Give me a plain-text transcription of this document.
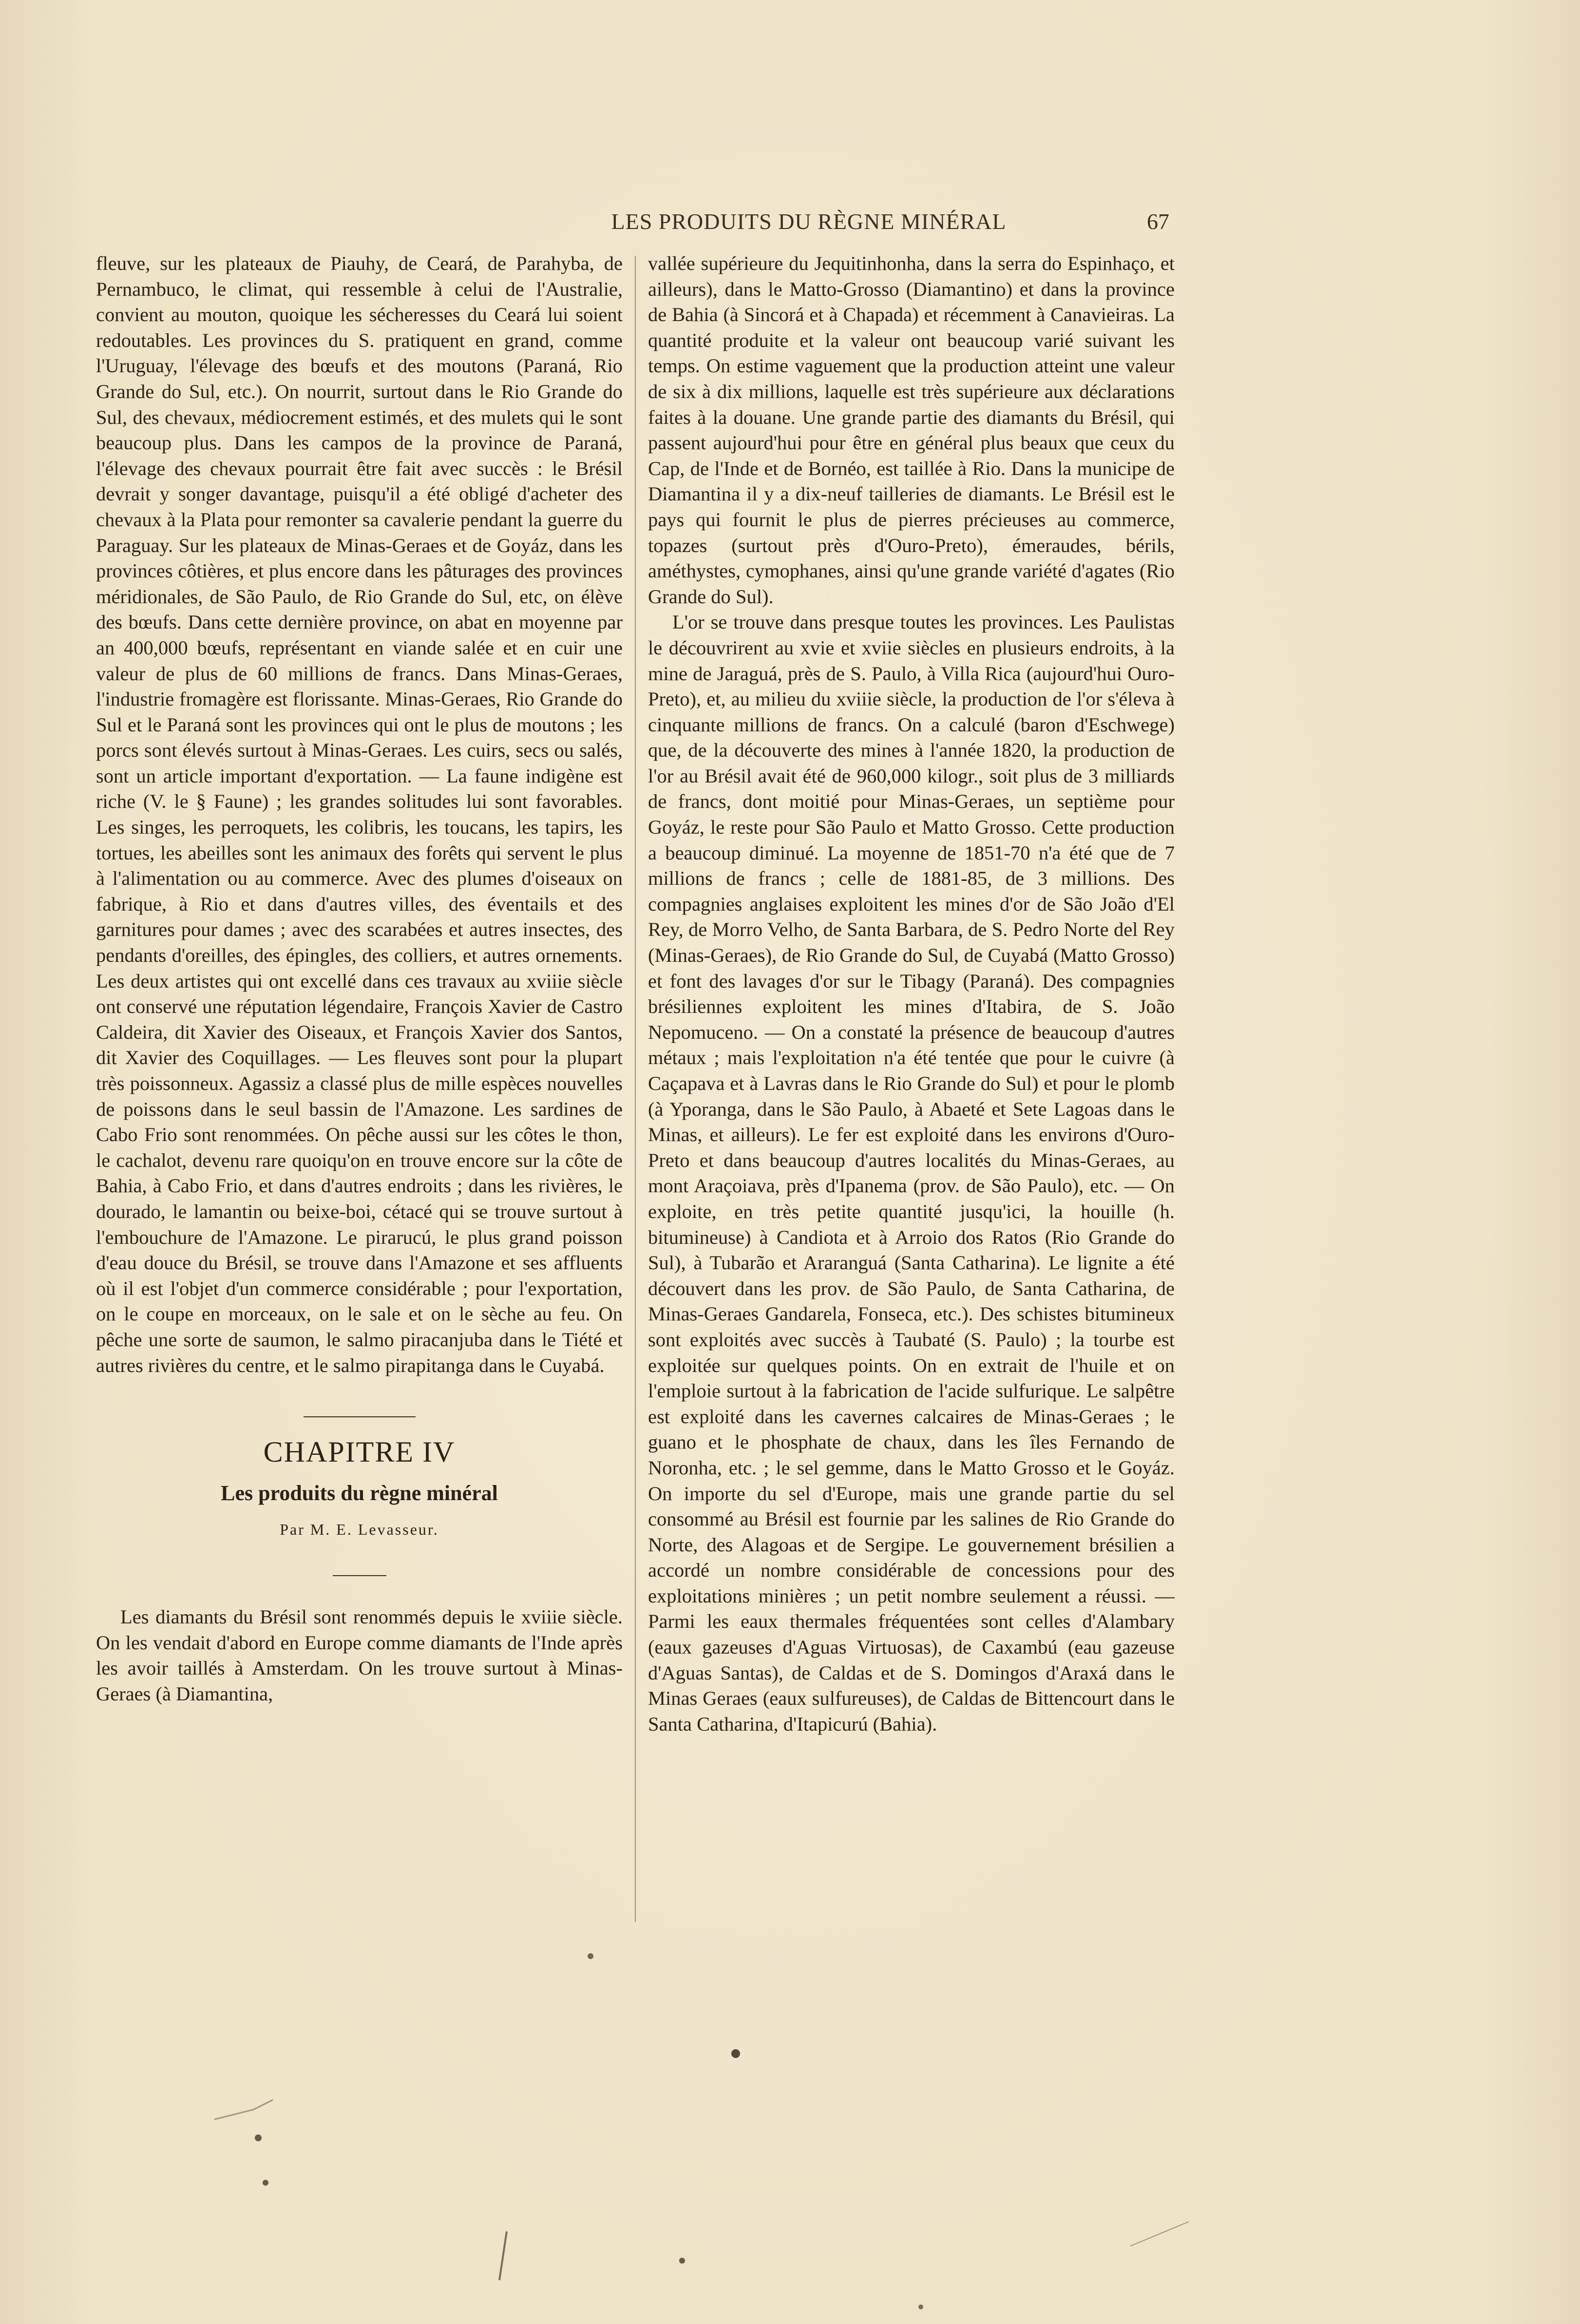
LES PRODUITS DU RÈGNE MINÉRAL	67

fleuve, sur les plateaux de Piauhy, de Ceará, de Parahyba, de Pernambuco, le climat, qui ressemble à celui de l'Australie, convient au mouton, quoique les sécheresses du Ceará lui soient redoutables. Les provinces du S. pratiquent en grand, comme l'Uruguay, l'élevage des bœufs et des moutons (Paraná, Rio Grande do Sul, etc.). On nourrit, surtout dans le Rio Grande do Sul, des chevaux, médiocrement estimés, et des mulets qui le sont beaucoup plus. Dans les campos de la province de Paraná, l'élevage des chevaux pourrait être fait avec succès : le Brésil devrait y songer davantage, puisqu'il a été obligé d'acheter des chevaux à la Plata pour remonter sa cavalerie pendant la guerre du Paraguay. Sur les plateaux de Minas-Geraes et de Goyáz, dans les provinces côtières, et plus encore dans les pâturages des provinces méridionales, de São Paulo, de Rio Grande do Sul, etc, on élève des bœufs. Dans cette dernière province, on abat en moyenne par an 400,000 bœufs, représentant en viande salée et en cuir une valeur de plus de 60 millions de francs. Dans Minas-Geraes, l'industrie fromagère est florissante. Minas-Geraes, Rio Grande do Sul et le Paraná sont les provinces qui ont le plus de moutons ; les porcs sont élevés surtout à Minas-Geraes. Les cuirs, secs ou salés, sont un article important d'exportation. — La faune indigène est riche (V. le § Faune) ; les grandes solitudes lui sont favorables. Les singes, les perroquets, les colibris, les toucans, les tapirs, les tortues, les abeilles sont les animaux des forêts qui servent le plus à l'alimentation ou au commerce. Avec des plumes d'oiseaux on fabrique, à Rio et dans d'autres villes, des éventails et des garnitures pour dames ; avec des scarabées et autres insectes, des pendants d'oreilles, des épingles, des colliers, et autres ornements. Les deux artistes qui ont excellé dans ces travaux au xviiie siècle ont conservé une réputation légendaire, François Xavier de Castro Caldeira, dit Xavier des Oiseaux, et François Xavier dos Santos, dit Xavier des Coquillages. — Les fleuves sont pour la plupart très poissonneux. Agassiz a classé plus de mille espèces nouvelles de poissons dans le seul bassin de l'Amazone. Les sardines de Cabo Frio sont renommées. On pêche aussi sur les côtes le thon, le cachalot, devenu rare quoiqu'on en trouve encore sur la côte de Bahia, à Cabo Frio, et dans d'autres endroits ; dans les rivières, le dourado, le lamantin ou beixe-boi, cétacé qui se trouve surtout à l'embouchure de l'Amazone. Le pirarucú, le plus grand poisson d'eau douce du Brésil, se trouve dans l'Amazone et ses affluents où il est l'objet d'un commerce considérable ; pour l'exportation, on le coupe en morceaux, on le sale et on le sèche au feu. On pêche une sorte de saumon, le salmo piracanjuba dans le Tiété et autres rivières du centre, et le salmo pirapitanga dans le Cuyabá.

CHAPITRE IV
Les produits du règne minéral
Par M. E. Levasseur.

Les diamants du Brésil sont renommés depuis le xviiie siècle. On les vendait d'abord en Europe comme diamants de l'Inde après les avoir taillés à Amsterdam. On les trouve surtout à Minas-Geraes (à Diamantina,

vallée supérieure du Jequitinhonha, dans la serra do Espinhaço, et ailleurs), dans le Matto-Grosso (Diamantino) et dans la province de Bahia (à Sincorá et à Chapada) et récemment à Canavieiras. La quantité produite et la valeur ont beaucoup varié suivant les temps. On estime vaguement que la production atteint une valeur de six à dix millions, laquelle est très supérieure aux déclarations faites à la douane. Une grande partie des diamants du Brésil, qui passent aujourd'hui pour être en général plus beaux que ceux du Cap, de l'Inde et de Bornéo, est taillée à Rio. Dans la municipe de Diamantina il y a dix-neuf tailleries de diamants. Le Brésil est le pays qui fournit le plus de pierres précieuses au commerce, topazes (surtout près d'Ouro-Preto), émeraudes, bérils, améthystes, cymophanes, ainsi qu'une grande variété d'agates (Rio Grande do Sul).

L'or se trouve dans presque toutes les provinces. Les Paulistas le découvrirent au xvie et xviie siècles en plusieurs endroits, à la mine de Jaraguá, près de S. Paulo, à Villa Rica (aujourd'hui Ouro-Preto), et, au milieu du xviiie siècle, la production de l'or s'éleva à cinquante millions de francs. On a calculé (baron d'Eschwege) que, de la découverte des mines à l'année 1820, la production de l'or au Brésil avait été de 960,000 kilogr., soit plus de 3 milliards de francs, dont moitié pour Minas-Geraes, un septième pour Goyáz, le reste pour São Paulo et Matto Grosso. Cette production a beaucoup diminué. La moyenne de 1851-70 n'a été que de 7 millions de francs ; celle de 1881-85, de 3 millions. Des compagnies anglaises exploitent les mines d'or de São João d'El Rey, de Morro Velho, de Santa Barbara, de S. Pedro Norte del Rey (Minas-Geraes), de Rio Grande do Sul, de Cuyabá (Matto Grosso) et font des lavages d'or sur le Tibagy (Paraná). Des compagnies brésiliennes exploitent les mines d'Itabira, de S. João Nepomuceno. — On a constaté la présence de beaucoup d'autres métaux ; mais l'exploitation n'a été tentée que pour le cuivre (à Caçapava et à Lavras dans le Rio Grande do Sul) et pour le plomb (à Yporanga, dans le São Paulo, à Abaeté et Sete Lagoas dans le Minas, et ailleurs). Le fer est exploité dans les environs d'Ouro-Preto et dans beaucoup d'autres localités du Minas-Geraes, au mont Araçoiava, près d'Ipanema (prov. de São Paulo), etc. — On exploite, en très petite quantité jusqu'ici, la houille (h. bitumineuse) à Candiota et à Arroio dos Ratos (Rio Grande do Sul), à Tubarão et Araranguá (Santa Catharina). Le lignite a été découvert dans les prov. de São Paulo, de Santa Catharina, de Minas-Geraes Gandarela, Fonseca, etc.). Des schistes bitumineux sont exploités avec succès à Taubaté (S. Paulo) ; la tourbe est exploitée sur quelques points. On en extrait de l'huile et on l'emploie surtout à la fabrication de l'acide sulfurique. Le salpêtre est exploité dans les cavernes calcaires de Minas-Geraes ; le guano et le phosphate de chaux, dans les îles Fernando de Noronha, etc. ; le sel gemme, dans le Matto Grosso et le Goyáz. On importe du sel d'Europe, mais une grande partie du sel consommé au Brésil est fournie par les salines de Rio Grande do Norte, des Alagoas et de Sergipe. Le gouvernement brésilien a accordé un nombre considérable de concessions pour des exploitations minières ; un petit nombre seulement a réussi. — Parmi les eaux thermales fréquentées sont celles d'Alambary (eaux gazeuses d'Aguas Virtuosas), de Caxambú (eau gazeuse d'Aguas Santas), de Caldas et de S. Domingos d'Araxá dans le Minas Geraes (eaux sulfureuses), de Caldas de Bittencourt dans le Santa Catharina, d'Itapicurú (Bahia).
